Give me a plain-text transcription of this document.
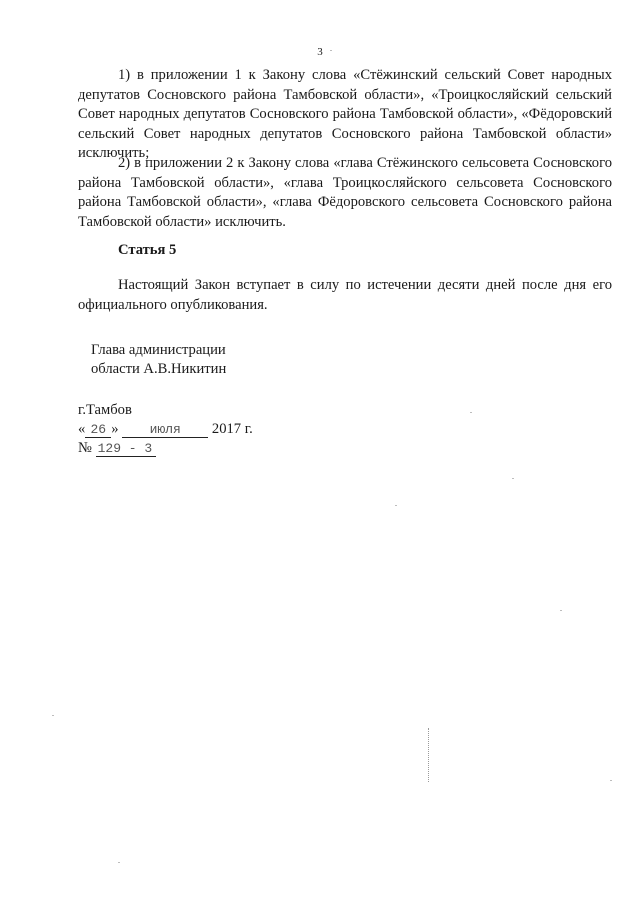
3

1) в приложении 1 к Закону слова «Стёжинский сельский Совет народных депутатов Сосновского района Тамбовской области», «Троицкосляйский сельский Совет народных депутатов Сосновского района Тамбовской области», «Фёдоровский сельский Совет народных депутатов Сосновского района Тамбовской области» исключить;

2) в приложении 2 к Закону слова «глава Стёжинского сельсовета Сосновского района Тамбовской области», «глава Троицкосляйского сельсовета Сосновского района Тамбовской области», «глава Фёдоровского сельсовета Сосновского района Тамбовской области» исключить.

Статья 5

Настоящий Закон вступает в силу по истечении десяти дней после дня его официального опубликования.

Глава администрации
области А.В.Никитин
г.Тамбов
« 26 » июля 2017 г.
№ 129 - 3
